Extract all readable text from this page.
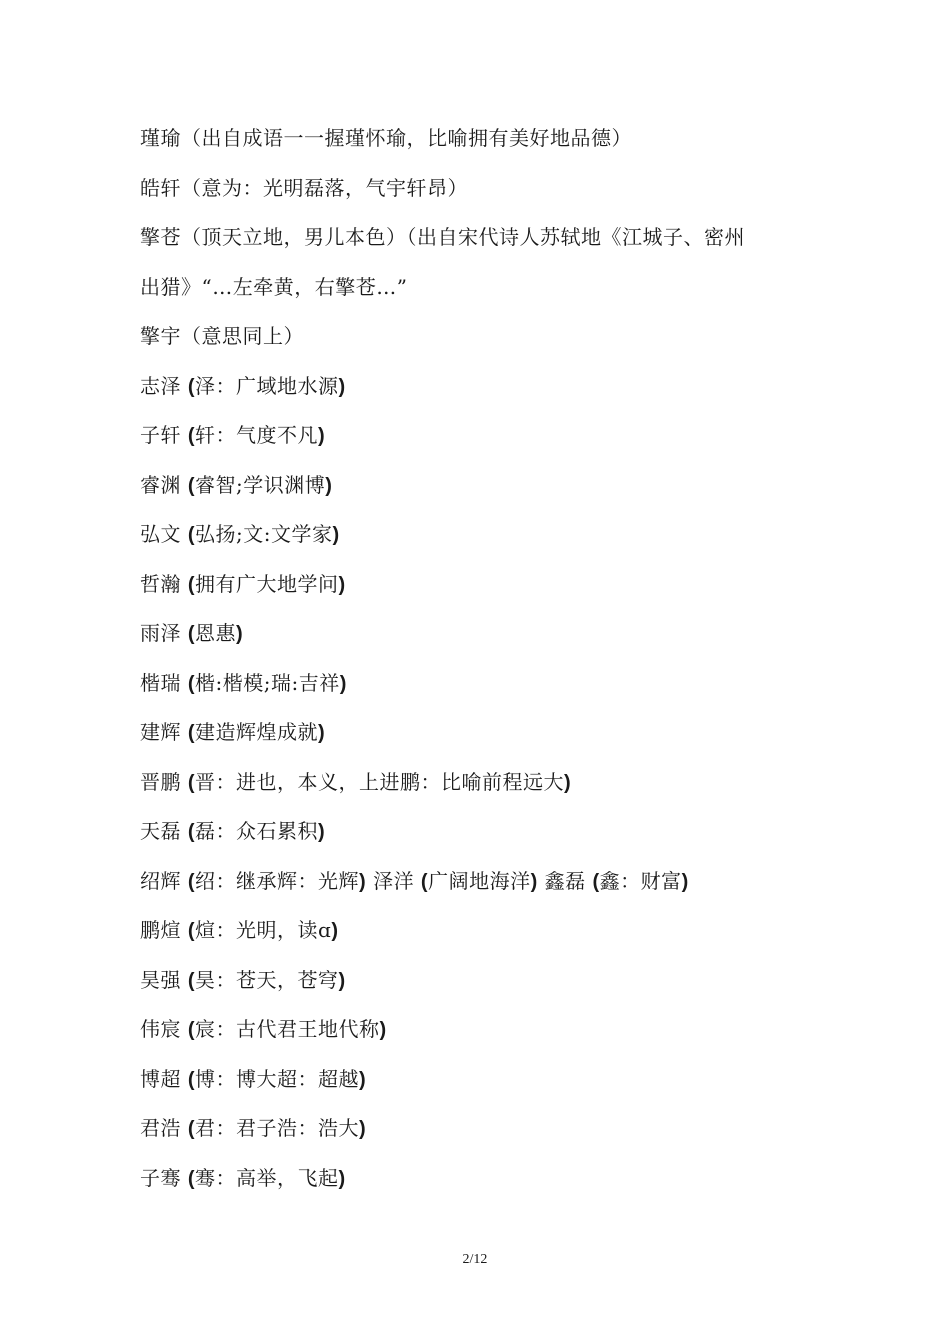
瑾瑜（出自成语一一握瑾怀瑜，比喻拥有美好地品德）
皓轩（意为：光明磊落，气宇轩昂）
擎苍（顶天立地，男儿本色）（出自宋代诗人苏轼地《江城子、密州
出猎》“…左牵黄，右擎苍…”
擎宇（意思同上）
志泽 (泽：广域地水源)
子轩 (轩：气度不凡)
睿渊 (睿智;学识渊博)
弘文 (弘扬;文:文学家)
哲瀚 (拥有广大地学问)
雨泽 (恩惠)
楷瑞 (楷:楷模;瑞:吉祥)
建辉 (建造辉煌成就)
晋鹏 (晋：进也，本义，上进鹏：比喻前程远大)
天磊 (磊：众石累积)
绍辉 (绍：继承辉：光辉) 泽洋 (广阔地海洋) 鑫磊 (鑫：财富)
鹏煊 (煊：光明，读ɑ)
昊强 (昊：苍天，苍穹)
伟宸 (宸：古代君王地代称)
博超 (博：博大超：超越)
君浩 (君：君子浩：浩大)
子骞 (骞：高举，飞起)
2/12
